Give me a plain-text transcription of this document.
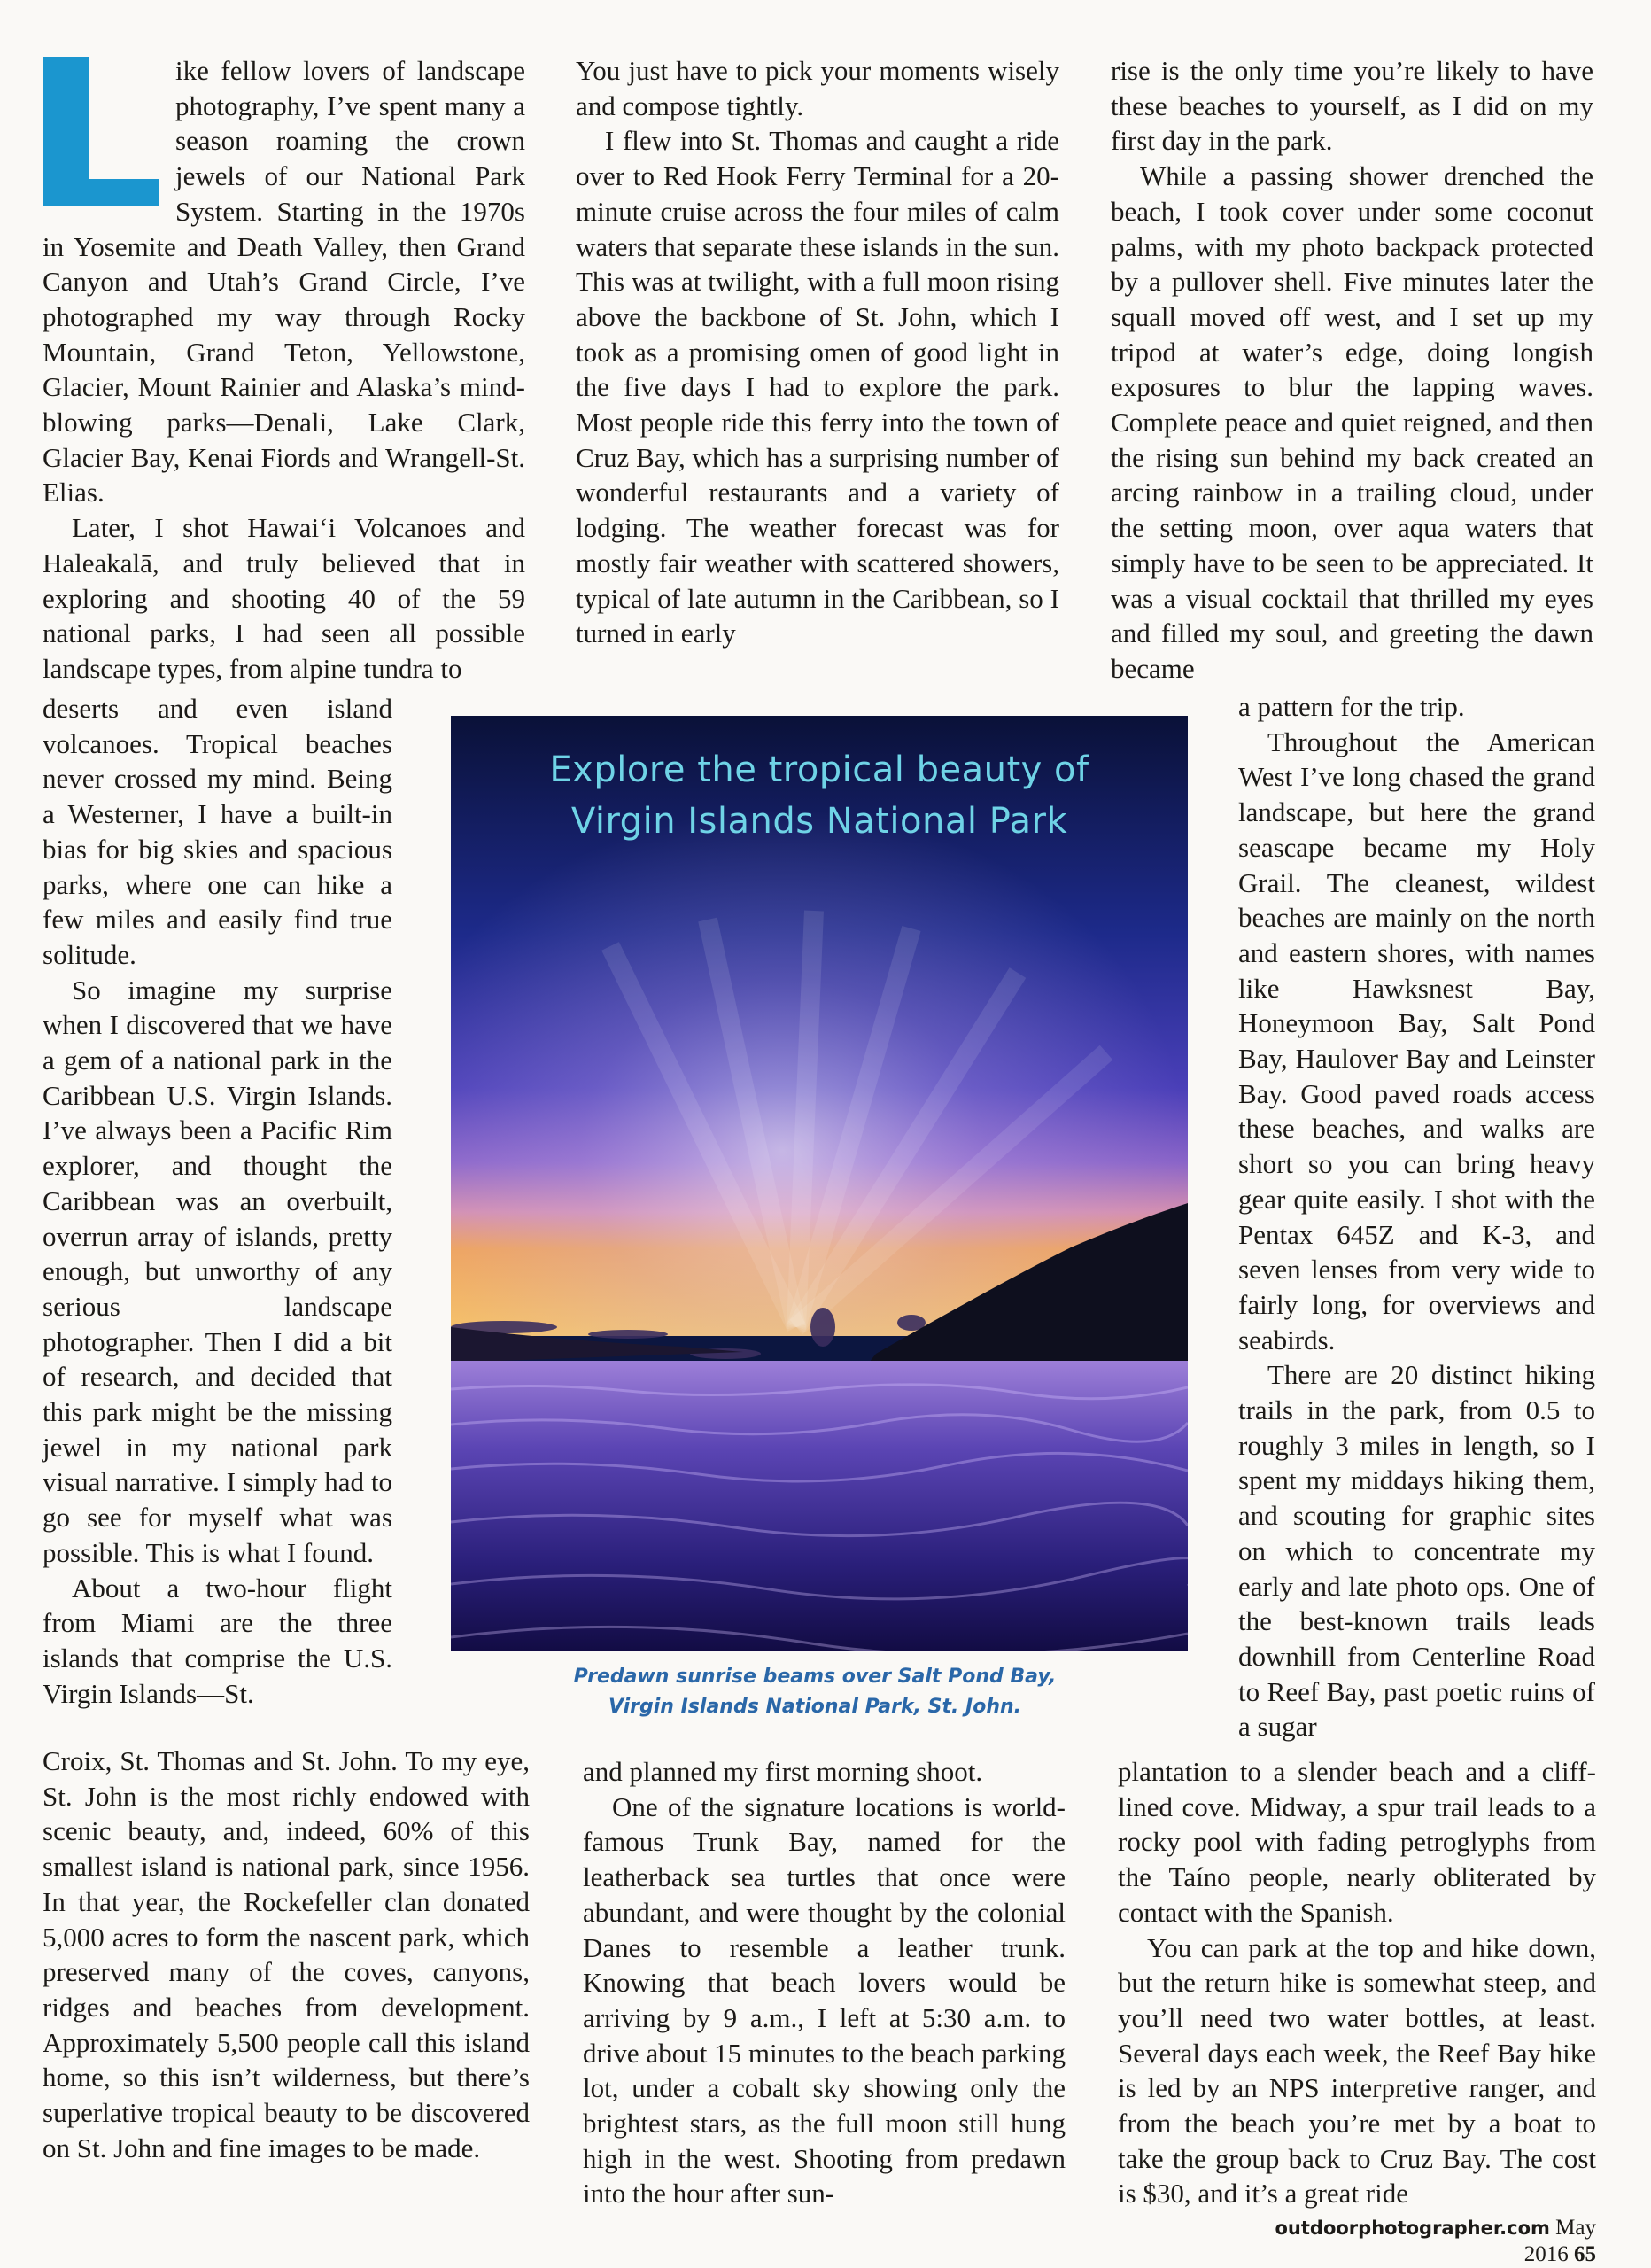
ike fellow lovers of landscape photography, I’ve spent many a season roaming the crown jewels of our National Park System. Starting in the 1970s in Yosemite and Death Valley, then Grand Canyon and Utah’s Grand Circle, I’ve photographed my way through Rocky Mountain, Grand Teton, Yellowstone, Glacier, Mount Rainier and Alaska’s mind-blowing parks—Denali, Lake Clark, Glacier Bay, Kenai Fiords and Wrangell-St. Elias.

Later, I shot Hawai‘i Volcanoes and Haleakalā, and truly believed that in exploring and shooting 40 of the 59 national parks, I had seen all possible landscape types, from alpine tundra to

deserts and even island volcanoes. Tropical beaches never crossed my mind. Being a Westerner, I have a built-in bias for big skies and spacious parks, where one can hike a few miles and easily find true solitude.

So imagine my surprise when I discovered that we have a gem of a national park in the Caribbean U.S. Virgin Islands. I’ve always been a Pacific Rim explorer, and thought the Caribbean was an overbuilt, overrun array of islands, pretty enough, but unworthy of any serious landscape photographer. Then I did a bit of research, and decided that this park might be the missing jewel in my national park visual narrative. I simply had to go see for myself what was possible. This is what I found.

About a two-hour flight from Miami are the three islands that comprise the U.S. Virgin Islands—St.

Croix, St. Thomas and St. John. To my eye, St. John is the most richly endowed with scenic beauty, and, indeed, 60% of this smallest island is national park, since 1956. In that year, the Rockefeller clan donated 5,000 acres to form the nascent park, which preserved many of the coves, canyons, ridges and beaches from development. Approximately 5,500 people call this island home, so this isn’t wilderness, but there’s superlative tropical beauty to be discovered on St. John and fine images to be made.

You just have to pick your moments wisely and compose tightly.

I flew into St. Thomas and caught a ride over to Red Hook Ferry Terminal for a 20-minute cruise across the four miles of calm waters that separate these islands in the sun. This was at twilight, with a full moon rising above the backbone of St. John, which I took as a promising omen of good light in the five days I had to explore the park. Most people ride this ferry into the town of Cruz Bay, which has a surprising number of wonderful restaurants and a variety of lodging. The weather forecast was for mostly fair weather with scattered showers, typical of late autumn in the Caribbean, so I turned in early

and planned my first morning shoot.

One of the signature locations is world-famous Trunk Bay, named for the leatherback sea turtles that once were abundant, and were thought by the colonial Danes to resemble a leather trunk. Knowing that beach lovers would be arriving by 9 a.m., I left at 5:30 a.m. to drive about 15 minutes to the beach parking lot, under a cobalt sky showing only the brightest stars, as the full moon still hung high in the west. Shooting from predawn into the hour after sun-

rise is the only time you’re likely to have these beaches to yourself, as I did on my first day in the park.

While a passing shower drenched the beach, I took cover under some coconut palms, with my photo backpack protected by a pullover shell. Five minutes later the squall moved off west, and I set up my tripod at water’s edge, doing longish exposures to blur the lapping waves. Complete peace and quiet reigned, and then the rising sun behind my back created an arcing rainbow in a trailing cloud, under the setting moon, over aqua waters that simply have to be seen to be appreciated. It was a visual cocktail that thrilled my eyes and filled my soul, and greeting the dawn became

a pattern for the trip.

Throughout the American West I’ve long chased the grand landscape, but here the grand seascape became my Holy Grail. The cleanest, wildest beaches are mainly on the north and eastern shores, with names like Hawksnest Bay, Honeymoon Bay, Salt Pond Bay, Haulover Bay and Leinster Bay. Good paved roads access these beaches, and walks are short so you can bring heavy gear quite easily. I shot with the Pentax 645Z and K-3, and seven lenses from very wide to fairly long, for overviews and seabirds.

There are 20 distinct hiking trails in the park, from 0.5 to roughly 3 miles in length, so I spent my middays hiking them, and scouting for graphic sites on which to concentrate my early and late photo ops. One of the best-known trails leads downhill from Centerline Road to Reef Bay, past poetic ruins of a sugar

plantation to a slender beach and a cliff-lined cove. Midway, a spur trail leads to a rocky pool with fading petroglyphs from the Taíno people, nearly obliterated by contact with the Spanish.

You can park at the top and hike down, but the return hike is somewhat steep, and you’ll need two water bottles, at least. Several days each week, the Reef Bay hike is led by an NPS interpretive ranger, and from the beach you’re met by a boat to take the group back to Cruz Bay. The cost is $30, and it’s a great ride

Explore the tropical beauty of
Virgin Islands National Park
Predawn sunrise beams over Salt Pond Bay,
Virgin Islands National Park, St. John.
outdoorphotographer.com May 2016 65
